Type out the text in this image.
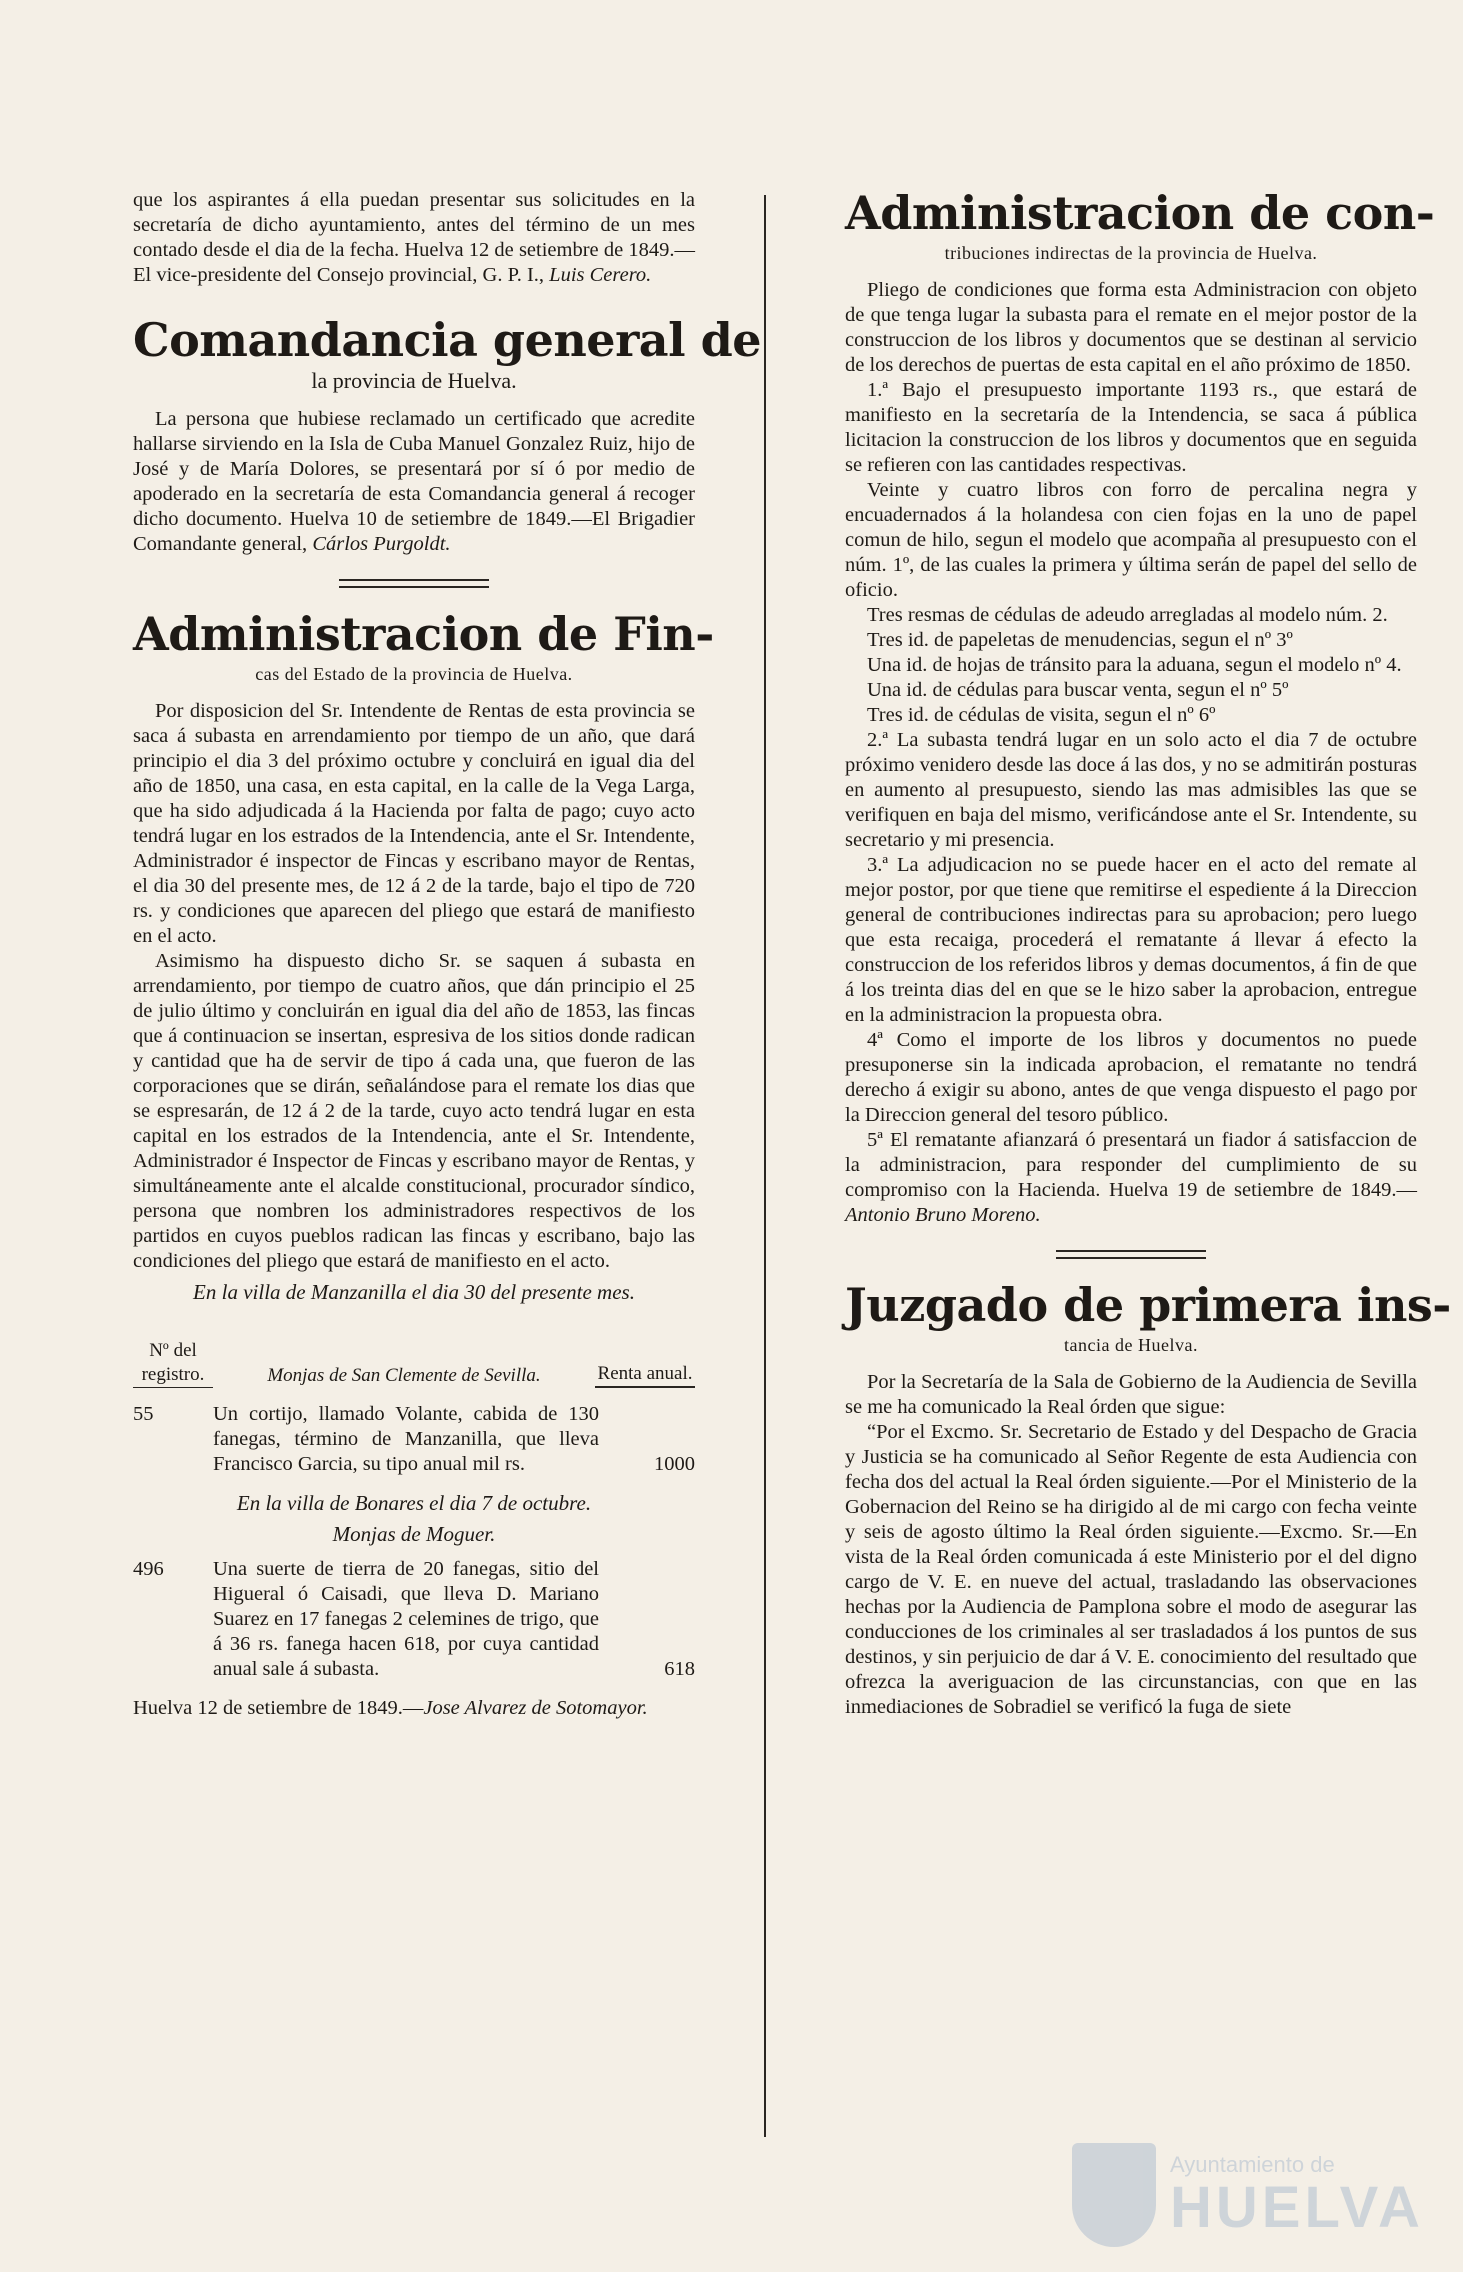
que los aspirantes á ella puedan presentar sus solicitudes en la secretaría de dicho ayuntamiento, antes del término de un mes contado desde el dia de la fecha. Huelva 12 de setiembre de 1849.—El vice-presidente del Consejo provincial, G. P. I., Luis Cerero.

Comandancia general de
la provincia de Huelva.

La persona que hubiese reclamado un certificado que acredite hallarse sirviendo en la Isla de Cuba Manuel Gonzalez Ruiz, hijo de José y de María Dolores, se presentará por sí ó por medio de apoderado en la secretaría de esta Comandancia general á recoger dicho documento. Huelva 10 de setiembre de 1849.—El Brigadier Comandante general, Cárlos Purgoldt.

Administracion de Fin-
cas del Estado de la provincia de Huelva.

Por disposicion del Sr. Intendente de Rentas de esta provincia se saca á subasta en arrendamiento por tiempo de un año, que dará principio el dia 3 del próximo octubre y concluirá en igual dia del año de 1850, una casa, en esta capital, en la calle de la Vega Larga, que ha sido adjudicada á la Hacienda por falta de pago; cuyo acto tendrá lugar en los estrados de la Intendencia, ante el Sr. Intendente, Administrador é inspector de Fincas y escribano mayor de Rentas, el dia 30 del presente mes, de 12 á 2 de la tarde, bajo el tipo de 720 rs. y condiciones que aparecen del pliego que estará de manifiesto en el acto.

Asimismo ha dispuesto dicho Sr. se saquen á subasta en arrendamiento, por tiempo de cuatro años, que dán principio el 25 de julio último y concluirán en igual dia del año de 1853, las fincas que á continuacion se insertan, espresiva de los sitios donde radican y cantidad que ha de servir de tipo á cada una, que fueron de las corporaciones que se dirán, señalándose para el remate los dias que se espresarán, de 12 á 2 de la tarde, cuyo acto tendrá lugar en esta capital en los estrados de la Intendencia, ante el Sr. Intendente, Administrador é Inspector de Fincas y escribano mayor de Rentas, y simultáneamente ante el alcalde constitucional, procurador síndico, persona que nombren los administradores respectivos de los partidos en cuyos pueblos radican las fincas y escribano, bajo las condiciones del pliego que estará de manifiesto en el acto.

En la villa de Manzanilla el dia 30 del presente mes.

Nº del registro.	Monjas de San Clemente de Sevilla.	Renta anual.
55	Un cortijo, llamado Volante, cabida de 130 fanegas, término de Manzanilla, que lleva Francisco Garcia, su tipo anual mil rs.	1000

En la villa de Bonares el dia 7 de octubre.

Monjas de Moguer.

496	Una suerte de tierra de 20 fanegas, sitio del Higueral ó Caisadi, que lleva D. Mariano Suarez en 17 fanegas 2 celemines de trigo, que á 36 rs. fanega hacen 618, por cuya cantidad anual sale á subasta.	618

Huelva 12 de setiembre de 1849.—Jose Alvarez de Sotomayor.

Administracion de con-
tribuciones indirectas de la provincia de Huelva.

Pliego de condiciones que forma esta Administracion con objeto de que tenga lugar la subasta para el remate en el mejor postor de la construccion de los libros y documentos que se destinan al servicio de los derechos de puertas de esta capital en el año próximo de 1850.

1.ª Bajo el presupuesto importante 1193 rs., que estará de manifiesto en la secretaría de la Intendencia, se saca á pública licitacion la construccion de los libros y documentos que en seguida se refieren con las cantidades respectivas.

Veinte y cuatro libros con forro de percalina negra y encuadernados á la holandesa con cien fojas en la uno de papel comun de hilo, segun el modelo que acompaña al presupuesto con el núm. 1º, de las cuales la primera y última serán de papel del sello de oficio.

Tres resmas de cédulas de adeudo arregladas al modelo núm. 2.

Tres id. de papeletas de menudencias, segun el nº 3º

Una id. de hojas de tránsito para la aduana, segun el modelo nº 4.

Una id. de cédulas para buscar venta, segun el nº 5º

Tres id. de cédulas de visita, segun el nº 6º

2.ª La subasta tendrá lugar en un solo acto el dia 7 de octubre próximo venidero desde las doce á las dos, y no se admitirán posturas en aumento al presupuesto, siendo las mas admisibles las que se verifiquen en baja del mismo, verificándose ante el Sr. Intendente, su secretario y mi presencia.

3.ª La adjudicacion no se puede hacer en el acto del remate al mejor postor, por que tiene que remitirse el espediente á la Direccion general de contribuciones indirectas para su aprobacion; pero luego que esta recaiga, procederá el rematante á llevar á efecto la construccion de los referidos libros y demas documentos, á fin de que á los treinta dias del en que se le hizo saber la aprobacion, entregue en la administracion la propuesta obra.

4ª Como el importe de los libros y documentos no puede presuponerse sin la indicada aprobacion, el rematante no tendrá derecho á exigir su abono, antes de que venga dispuesto el pago por la Direccion general del tesoro público.

5ª El rematante afianzará ó presentará un fiador á satisfaccion de la administracion, para responder del cumplimiento de su compromiso con la Hacienda. Huelva 19 de setiembre de 1849.—Antonio Bruno Moreno.

Juzgado de primera ins-
tancia de Huelva.

Por la Secretaría de la Sala de Gobierno de la Audiencia de Sevilla se me ha comunicado la Real órden que sigue:

“Por el Excmo. Sr. Secretario de Estado y del Despacho de Gracia y Justicia se ha comunicado al Señor Regente de esta Audiencia con fecha dos del actual la Real órden siguiente.—Por el Ministerio de la Gobernacion del Reino se ha dirigido al de mi cargo con fecha veinte y seis de agosto último la Real órden siguiente.—Excmo. Sr.—En vista de la Real órden comunicada á este Ministerio por el del digno cargo de V. E. en nueve del actual, trasladando las observaciones hechas por la Audiencia de Pamplona sobre el modo de asegurar las conducciones de los criminales al ser trasladados á los puntos de sus destinos, y sin perjuicio de dar á V. E. conocimiento del resultado que ofrezca la averiguacion de las circunstancias, con que en las inmediaciones de Sobradiel se verificó la fuga de siete

Ayuntamiento de
HUELVA
